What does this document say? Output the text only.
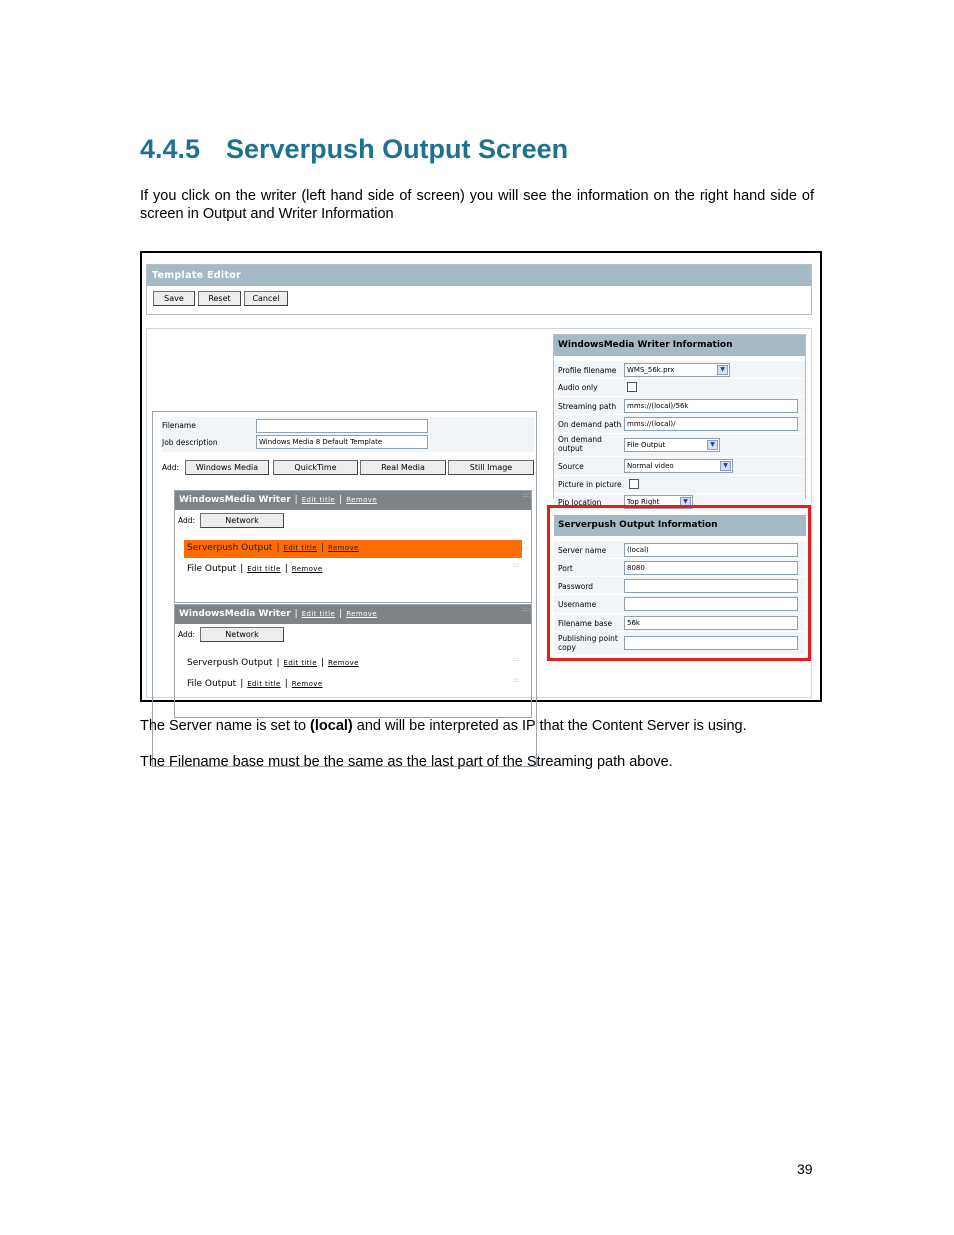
4.4.5 Serverpush Output Screen

If you click on the writer (left hand side of screen) you will see the information on the right hand side of screen in Output and Writer Information

Template Editor
Save	Reset	Cancel
Filename
Job description	Windows Media 8 Default Template
Add:	Windows Media	QuickTime	Real Media	Still Image
WindowsMedia Writer | Edit title | Remove
::::
Add:	Network
Serverpush Output | Edit title | Remove	:::
File Output | Edit title | Remove	:::
WindowsMedia Writer | Edit title | Remove
::::
Add:	Network
Serverpush Output | Edit title | Remove	:::
File Output | Edit title | Remove	:::
WindowsMedia Writer Information
Profile filename	WMS_56k.prx	▼
Audio only
Streaming path	mms://(local)/56k
On demand path mms://(local)/
On demand output	File Output	▼
Source	Normal video	▼
Picture in picture
Pip location	Top Right	▼
Serverpush Output Information
Server name	(local)
Port	8080
Password
Username
Filename base	56k
Publishing point copy

The Server name is set to (local) and will be interpreted as IP that the Content Server is using.

The Filename base must be the same as the last part of the Streaming path above.

39
